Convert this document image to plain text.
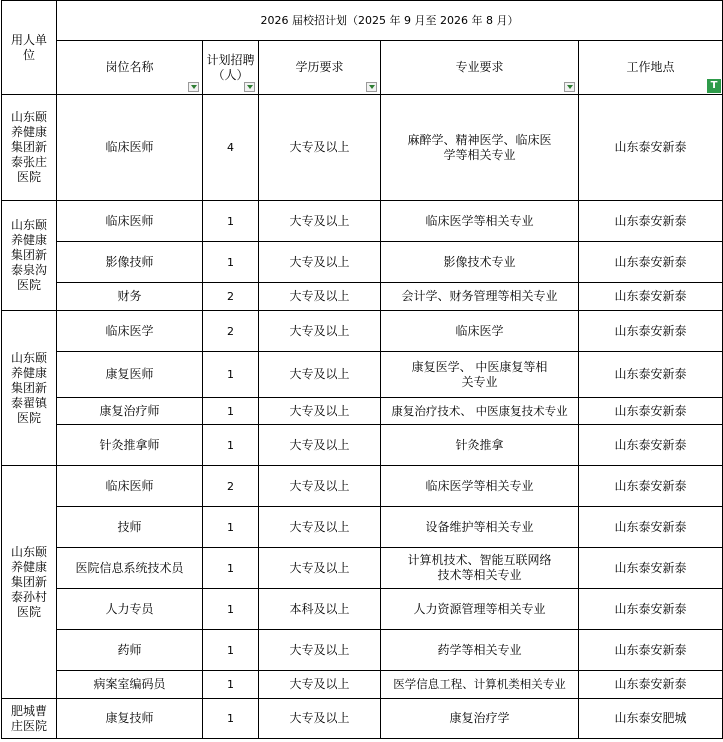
用人单位	2026 届校招计划（2025 年 9 月至 2026 年 8 月）				

	岗位名称	计划招聘（人）	学历要求	专业要求	工作地点
T

山东颐养健康集团新泰张庄医院	临床医师	4	大专及以上	麻醉学、精神医学、临床医学等相关专业	山东泰安新泰
山东颐养健康集团新泰泉沟医院	临床医师	1	大专及以上	临床医学等相关专业	山东泰安新泰
	影像技师	1	大专及以上	影像技术专业	山东泰安新泰
	财务	2	大专及以上	会计学、财务管理等相关专业	山东泰安新泰
山东颐养健康集团新泰翟镇医院	临床医学	2	大专及以上	临床医学	山东泰安新泰
	康复医师	1	大专及以上	康复医学、 中医康复等相关专业	山东泰安新泰
	康复治疗师	1	大专及以上	康复治疗技术、 中医康复技术专业	山东泰安新泰
	针灸推拿师	1	大专及以上	针灸推拿	山东泰安新泰
山东颐养健康集团新泰孙村医院	临床医师	2	大专及以上	临床医学等相关专业	山东泰安新泰
	技师	1	大专及以上	设备维护等相关专业	山东泰安新泰
	医院信息系统技术员	1	大专及以上	计算机技术、智能互联网络技术等相关专业	山东泰安新泰
	人力专员	1	本科及以上	人力资源管理等相关专业	山东泰安新泰
	药师	1	大专及以上	药学等相关专业	山东泰安新泰
	病案室编码员	1	大专及以上	医学信息工程、计算机类相关专业	山东泰安新泰
肥城曹庄医院	康复技师	1	大专及以上	康复治疗学	山东泰安肥城
